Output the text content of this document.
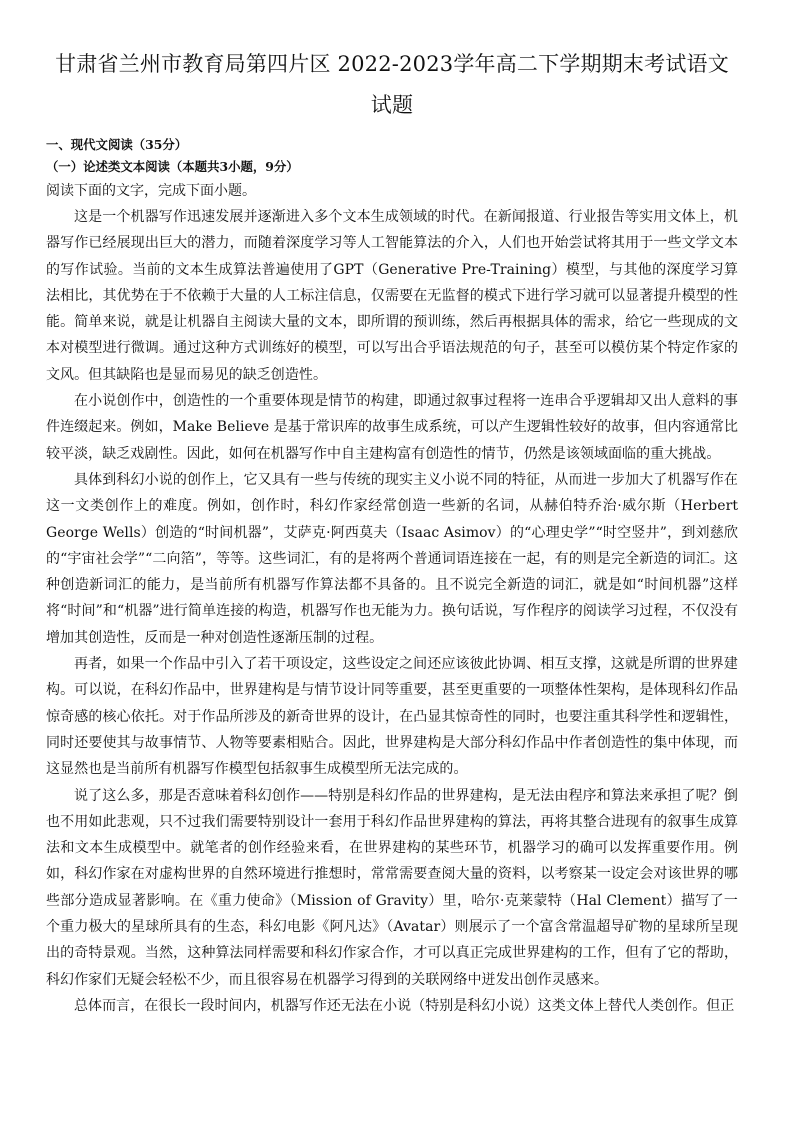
甘肃省兰州市教育局第四片区 2022-2023学年高二下学期期末考试语文试题

一、现代文阅读（35分）

（一）论述类文本阅读（本题共3小题，9分）

阅读下面的文字，完成下面小题。

这是一个机器写作迅速发展并逐渐进入多个文本生成领域的时代。在新闻报道、行业报告等实用文体上，机器写作已经展现出巨大的潜力，而随着深度学习等人工智能算法的介入，人们也开始尝试将其用于一些文学文本的写作试验。当前的文本生成算法普遍使用了GPT（Generative Pre-Training）模型，与其他的深度学习算法相比，其优势在于不依赖于大量的人工标注信息，仅需要在无监督的模式下进行学习就可以显著提升模型的性能。简单来说，就是让机器自主阅读大量的文本，即所谓的预训练，然后再根据具体的需求，给它一些现成的文本对模型进行微调。通过这种方式训练好的模型，可以写出合乎语法规范的句子，甚至可以模仿某个特定作家的文风。但其缺陷也是显而易见的缺乏创造性。

在小说创作中，创造性的一个重要体现是情节的构建，即通过叙事过程将一连串合乎逻辑却又出人意料的事件连缀起来。例如，Make Believe 是基于常识库的故事生成系统，可以产生逻辑性较好的故事，但内容通常比较平淡，缺乏戏剧性。因此，如何在机器写作中自主建构富有创造性的情节，仍然是该领域面临的重大挑战。

具体到科幻小说的创作上，它又具有一些与传统的现实主义小说不同的特征，从而进一步加大了机器写作在这一文类创作上的难度。例如，创作时，科幻作家经常创造一些新的名词，从赫伯特乔治·威尔斯（Herbert George Wells）创造的“时间机器”，艾萨克·阿西莫夫（Isaac Asimov）的“心理史学”“时空竖井”，到刘慈欣的“宇宙社会学”“二向箔”，等等。这些词汇，有的是将两个普通词语连接在一起，有的则是完全新造的词汇。这种创造新词汇的能力，是当前所有机器写作算法都不具备的。且不说完全新造的词汇，就是如“时间机器”这样将“时间”和“机器”进行简单连接的构造，机器写作也无能为力。换句话说，写作程序的阅读学习过程，不仅没有增加其创造性，反而是一种对创造性逐渐压制的过程。

再者，如果一个作品中引入了若干项设定，这些设定之间还应该彼此协调、相互支撑，这就是所谓的世界建构。可以说，在科幻作品中，世界建构是与情节设计同等重要，甚至更重要的一项整体性架构，是体现科幻作品惊奇感的核心依托。对于作品所涉及的新奇世界的设计，在凸显其惊奇性的同时，也要注重其科学性和逻辑性，同时还要使其与故事情节、人物等要素相贴合。因此，世界建构是大部分科幻作品中作者创造性的集中体现，而这显然也是当前所有机器写作模型包括叙事生成模型所无法完成的。

说了这么多，那是否意味着科幻创作——特别是科幻作品的世界建构，是无法由程序和算法来承担了呢？倒也不用如此悲观，只不过我们需要特别设计一套用于科幻作品世界建构的算法，再将其整合进现有的叙事生成算法和文本生成模型中。就笔者的创作经验来看，在世界建构的某些环节，机器学习的确可以发挥重要作用。例如，科幻作家在对虚构世界的自然环境进行推想时，常常需要查阅大量的资料，以考察某一设定会对该世界的哪些部分造成显著影响。在《重力使命》（Mission of Gravity）里，哈尔·克莱蒙特（Hal Clement）描写了一个重力极大的星球所具有的生态，科幻电影《阿凡达》（Avatar）则展示了一个富含常温超导矿物的星球所呈现出的奇特景观。当然，这种算法同样需要和科幻作家合作，才可以真正完成世界建构的工作，但有了它的帮助，科幻作家们无疑会轻松不少，而且很容易在机器学习得到的关联网络中迸发出创作灵感来。

总体而言，在很长一段时间内，机器写作还无法在小说（特别是科幻小说）这类文体上替代人类创作。但正
